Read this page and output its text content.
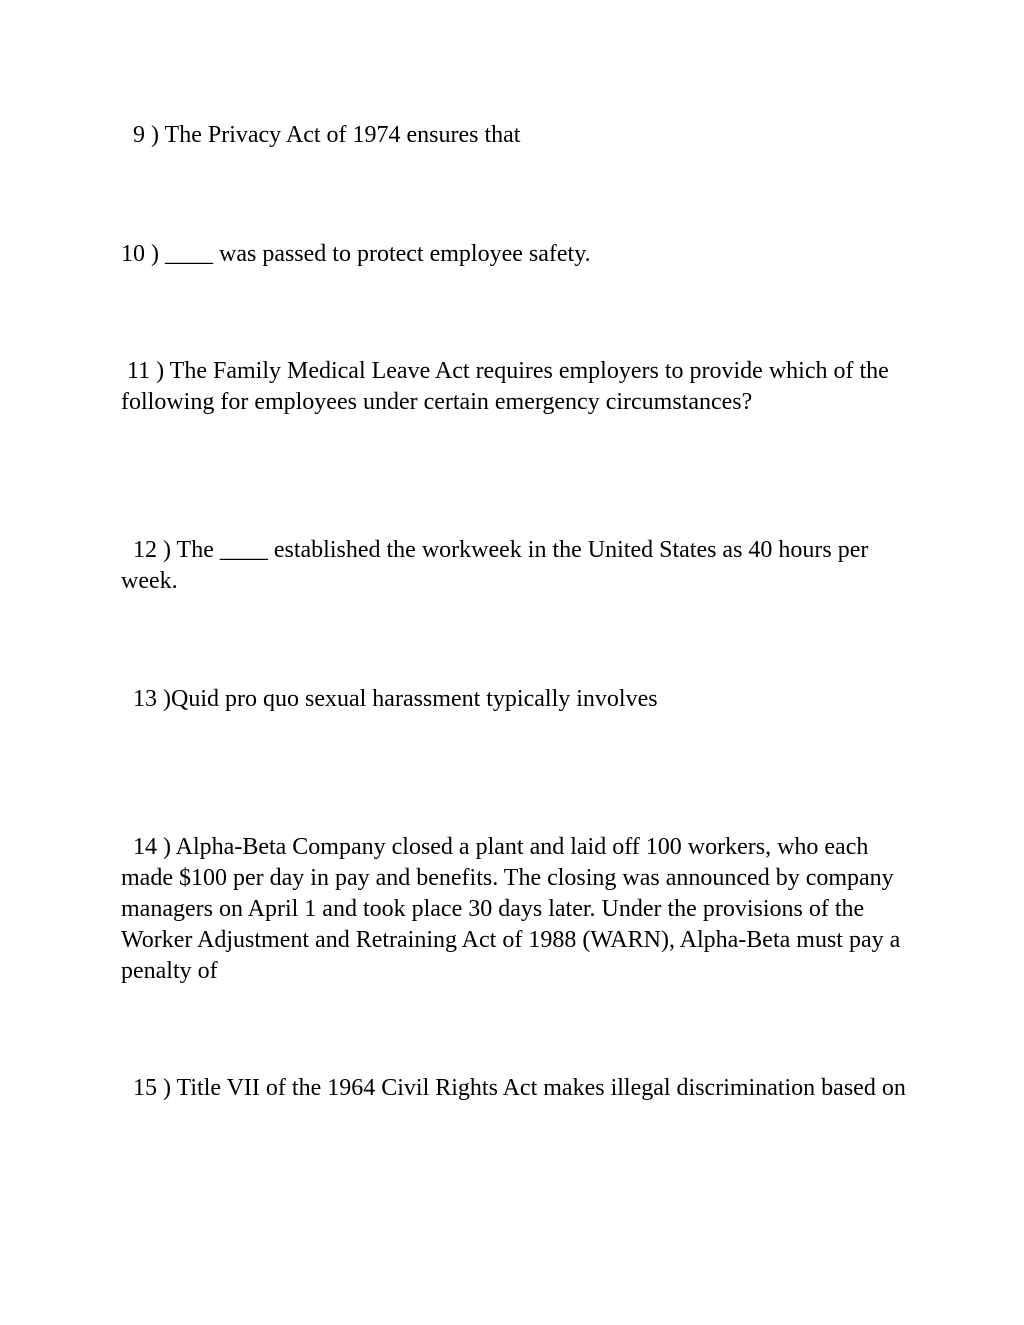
9 ) The Privacy Act of 1974 ensures that

10 ) ____ was passed to protect employee safety.

11 ) The Family Medical Leave Act requires employers to provide which of the following for employees under certain emergency circumstances?

12 ) The ____ established the workweek in the United States as 40 hours per week.

13 )Quid pro quo sexual harassment typically involves

14 ) Alpha-Beta Company closed a plant and laid off 100 workers, who each made $100 per day in pay and benefits. The closing was announced by company managers on April 1 and took place 30 days later. Under the provisions of the Worker Adjustment and Retraining Act of 1988 (WARN), Alpha-Beta must pay a penalty of

15 ) Title VII of the 1964 Civil Rights Act makes illegal discrimination based on
